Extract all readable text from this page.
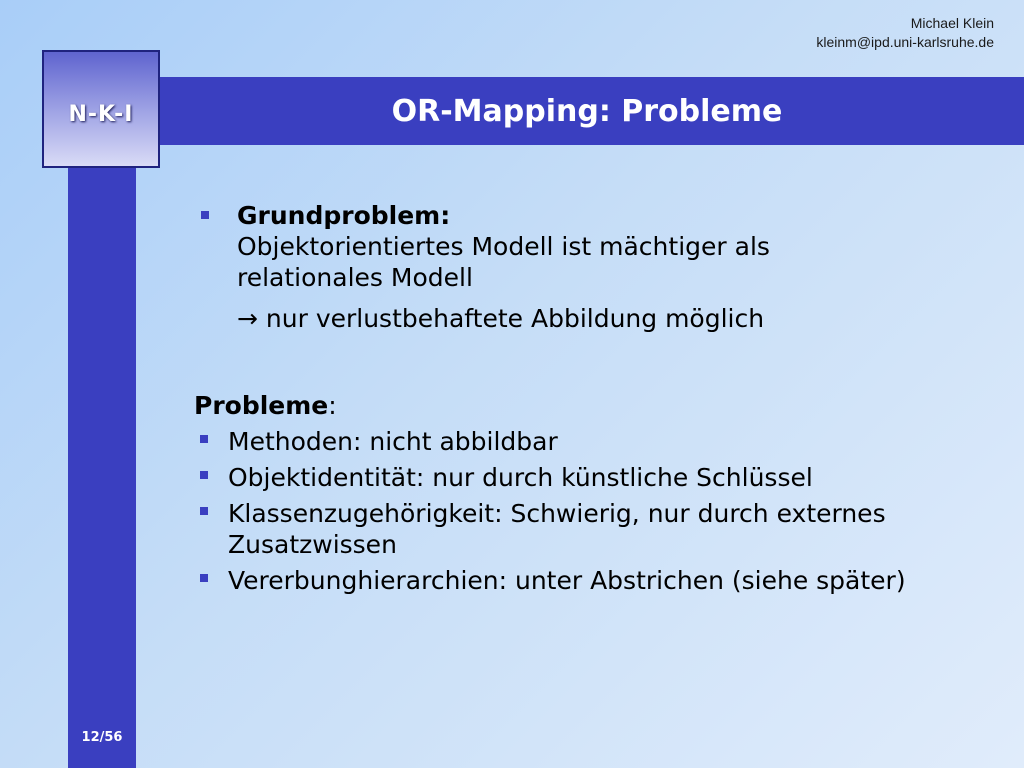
Michael Klein
kleinm@ipd.uni-karlsruhe.de
N-K-I	OR-Mapping: Probleme
Grundproblem:
Objektorientiertes Modell ist mächtiger als
relationales Modell
→ nur verlustbehaftete Abbildung möglich
Probleme:
Methoden: nicht abbildbar
Objektidentität: nur durch künstliche Schlüssel
Klassenzugehörigkeit: Schwierig, nur durch externes Zusatzwissen
Vererbunghierarchien: unter Abstrichen (siehe später)
12/56
